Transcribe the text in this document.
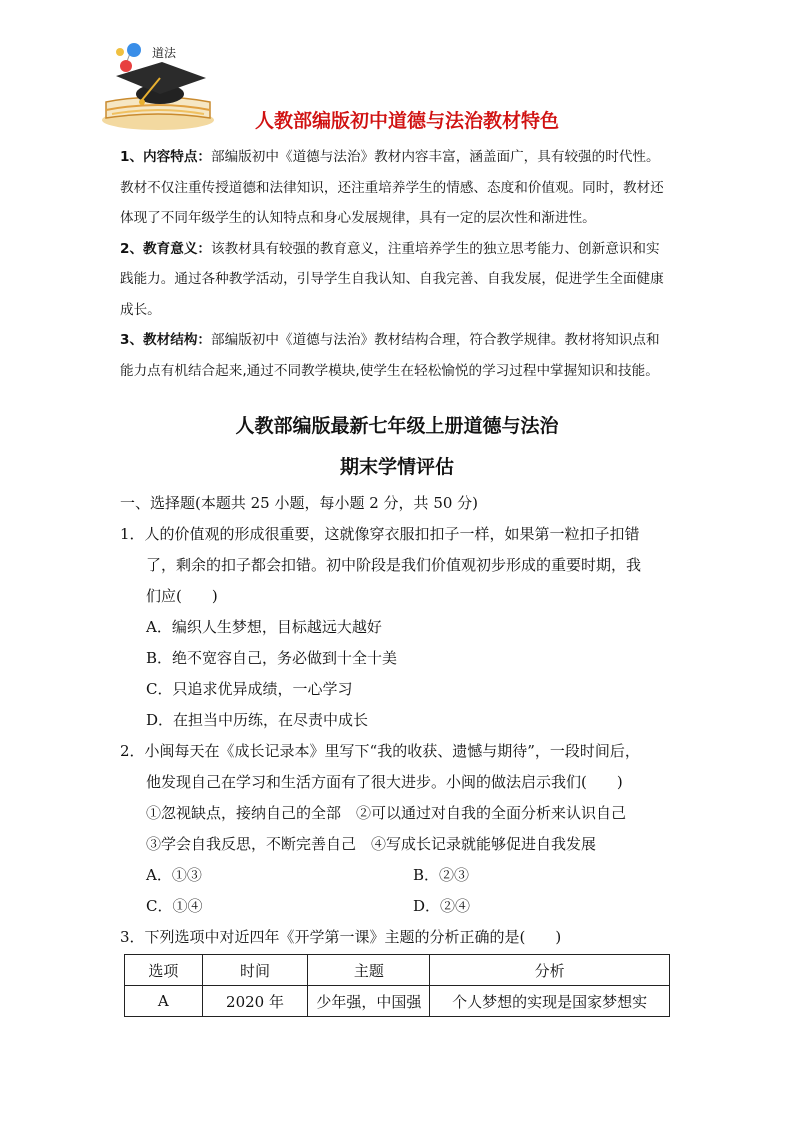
道法
人教部编版初中道德与法治教材特色

1、内容特点：部编版初中《道德与法治》教材内容丰富，涵盖面广，具有较强的时代性。

教材不仅注重传授道德和法律知识，还注重培养学生的情感、态度和价值观。同时，教材还

体现了不同年级学生的认知特点和身心发展规律，具有一定的层次性和渐进性。

2、教育意义：该教材具有较强的教育意义，注重培养学生的独立思考能力、创新意识和实

践能力。通过各种教学活动，引导学生自我认知、自我完善、自我发展，促进学生全面健康

成长。

3、教材结构：部编版初中《道德与法治》教材结构合理，符合教学规律。教材将知识点和

能力点有机结合起来,通过不同教学模块,使学生在轻松愉悦的学习过程中掌握知识和技能。

人教部编版最新七年级上册道德与法治
期末学情评估
一、选择题(本题共 25 小题，每小题 2 分，共 50 分)
1．人的价值观的形成很重要，这就像穿衣服扣扣子一样，如果第一粒扣子扣错
了，剩余的扣子都会扣错。初中阶段是我们价值观初步形成的重要时期，我
们应(　　)
A．编织人生梦想，目标越远大越好
B．绝不宽容自己，务必做到十全十美
C．只追求优异成绩，一心学习
D．在担当中历练，在尽责中成长
2．小闽每天在《成长记录本》里写下“我的收获、遗憾与期待”，一段时间后，
他发现自己在学习和生活方面有了很大进步。小闽的做法启示我们(　　)
①忽视缺点，接纳自己的全部　②可以通过对自我的全面分析来认识自己
③学会自我反思，不断完善自己　④写成长记录就能够促进自我发展
A．①③	B．②③
C．①④	D．②④
3．下列选项中对近四年《开学第一课》主题的分析正确的是(　　)
选项	时间	主题	分析
A	2020 年	少年强，中国强	个人梦想的实现是国家梦想实
